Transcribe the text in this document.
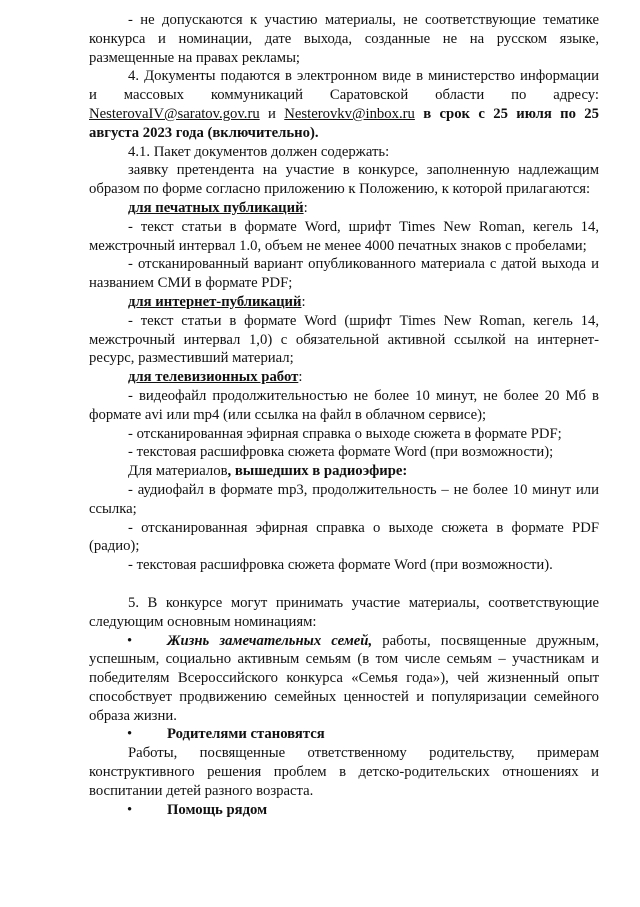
- не допускаются к участию материалы, не соответствующие тематике конкурса и номинации, дате выхода, созданные не на русском языке, размещенные на правах рекламы;

4. Документы подаются в электронном виде в министерство информации и массовых коммуникаций Саратовской области по адресу: NesterovaIV@saratov.gov.ru и Nesterovkv@inbox.ru в срок с 25 июля по 25 августа 2023 года (включительно).

4.1. Пакет документов должен содержать:

заявку претендента на участие в конкурсе, заполненную надлежащим образом по форме согласно приложению к Положению, к которой прилагаются:

для печатных публикаций:

- текст статьи в формате Word, шрифт Times New Roman, кегель 14, межстрочный интервал 1.0, объем не менее 4000 печатных знаков с пробелами;

- отсканированный вариант опубликованного материала с датой выхода и названием СМИ в формате PDF;

для интернет-публикаций:

- текст статьи в формате Word (шрифт Times New Roman, кегель 14, межстрочный интервал 1,0) с обязательной активной ссылкой на интернет-ресурс, разместивший материал;

для телевизионных работ:

- видеофайл продолжительностью не более 10 минут, не более 20 Мб в формате avi или mp4 (или ссылка на файл в облачном сервисе);

- отсканированная эфирная справка о выходе сюжета в формате PDF;

- текстовая расшифровка сюжета формате Word (при возможности);

Для материалов, вышедших в радиоэфире:

- аудиофайл в формате mp3, продолжительность – не более 10 минут или ссылка;

- отсканированная эфирная справка о выходе сюжета в формате PDF (радио);

- текстовая расшифровка сюжета формате Word (при возможности).

5. В конкурсе могут принимать участие материалы, соответствующие следующим основным номинациям:

• Жизнь замечательных семей, работы, посвященные дружным, успешным, социально активным семьям (в том числе семьям – участникам и победителям Всероссийского конкурса «Семья года»), чей жизненный опыт способствует продвижению семейных ценностей и популяризации семейного образа жизни.

• Родителями становятся

Работы, посвященные ответственному родительству, примерам конструктивного решения проблем в детско-родительских отношениях и воспитании детей разного возраста.

• Помощь рядом
